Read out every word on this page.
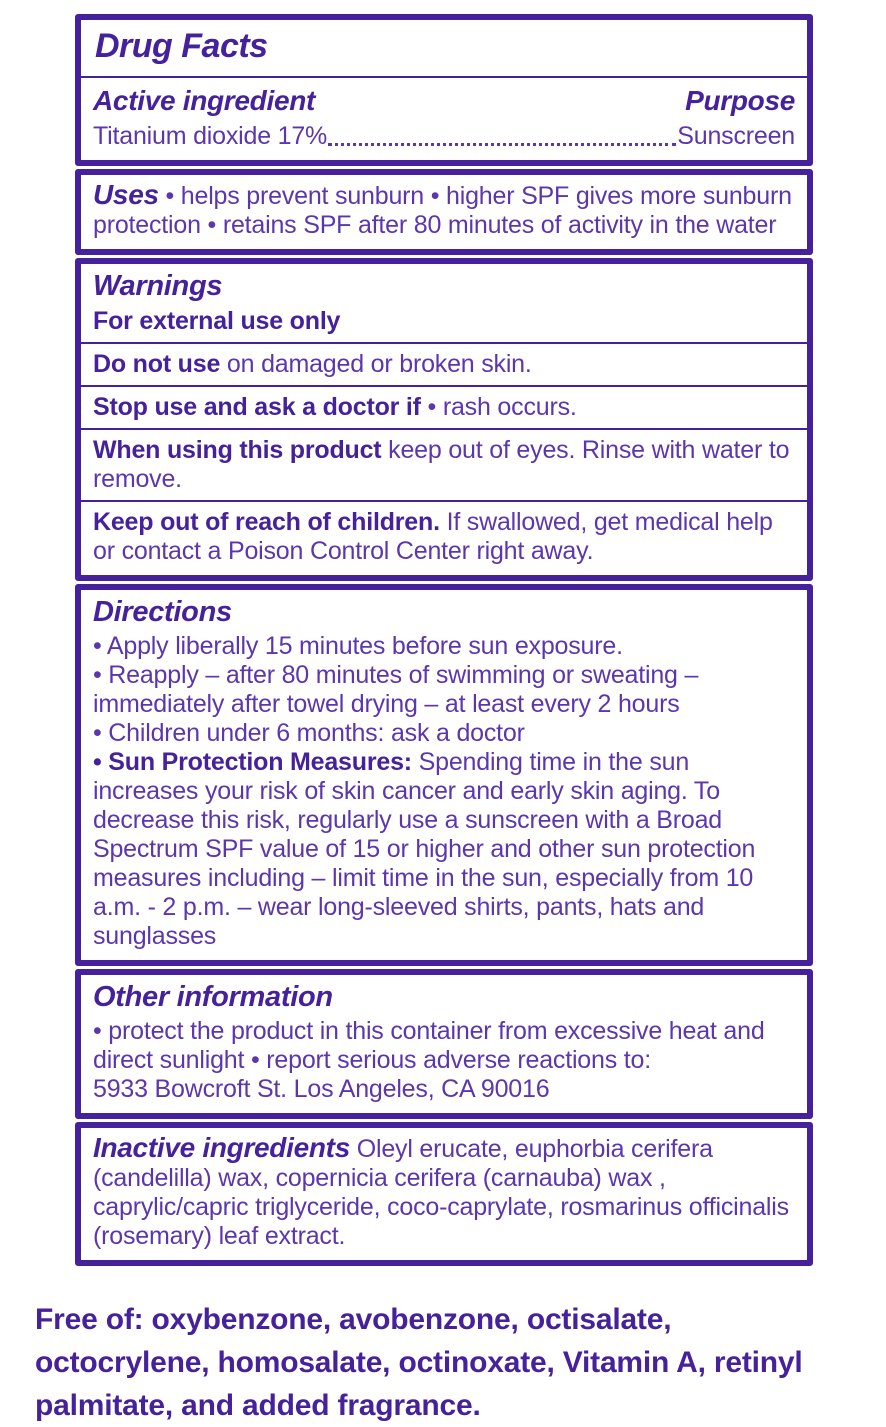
Drug Facts
Active ingredient	Purpose
Titanium dioxide 17%	Sunscreen

Uses • helps prevent sunburn • higher SPF gives more sunburn protection • retains SPF after 80 minutes of activity in the water

Warnings

For external use only

Do not use on damaged or broken skin.

Stop use and ask a doctor if • rash occurs.

When using this product keep out of eyes. Rinse with water to remove.

Keep out of reach of children. If swallowed, get medical help or contact a Poison Control Center right away.

Directions

• Apply liberally 15 minutes before sun exposure.

• Reapply – after 80 minutes of swimming or sweating – immediately after towel drying – at least every 2 hours

• Children under 6 months: ask a doctor

• Sun Protection Measures: Spending time in the sun increases your risk of skin cancer and early skin aging. To decrease this risk, regularly use a sunscreen with a Broad Spectrum SPF value of 15 or higher and other sun protection measures including – limit time in the sun, especially from 10 a.m. - 2 p.m. – wear long-sleeved shirts, pants, hats and sunglasses

Other information

• protect the product in this container from excessive heat and direct sunlight • report serious adverse reactions to:

5933 Bowcroft St. Los Angeles, CA 90016

Inactive ingredients Oleyl erucate, euphorbia cerifera (candelilla) wax, copernicia cerifera (carnauba) wax , caprylic/capric triglyceride, coco-caprylate, rosmarinus officinalis (rosemary) leaf extract.

Free of: oxybenzone, avobenzone, octisalate, octocrylene, homosalate, octinoxate, Vitamin A, retinyl palmitate, and added fragrance.
